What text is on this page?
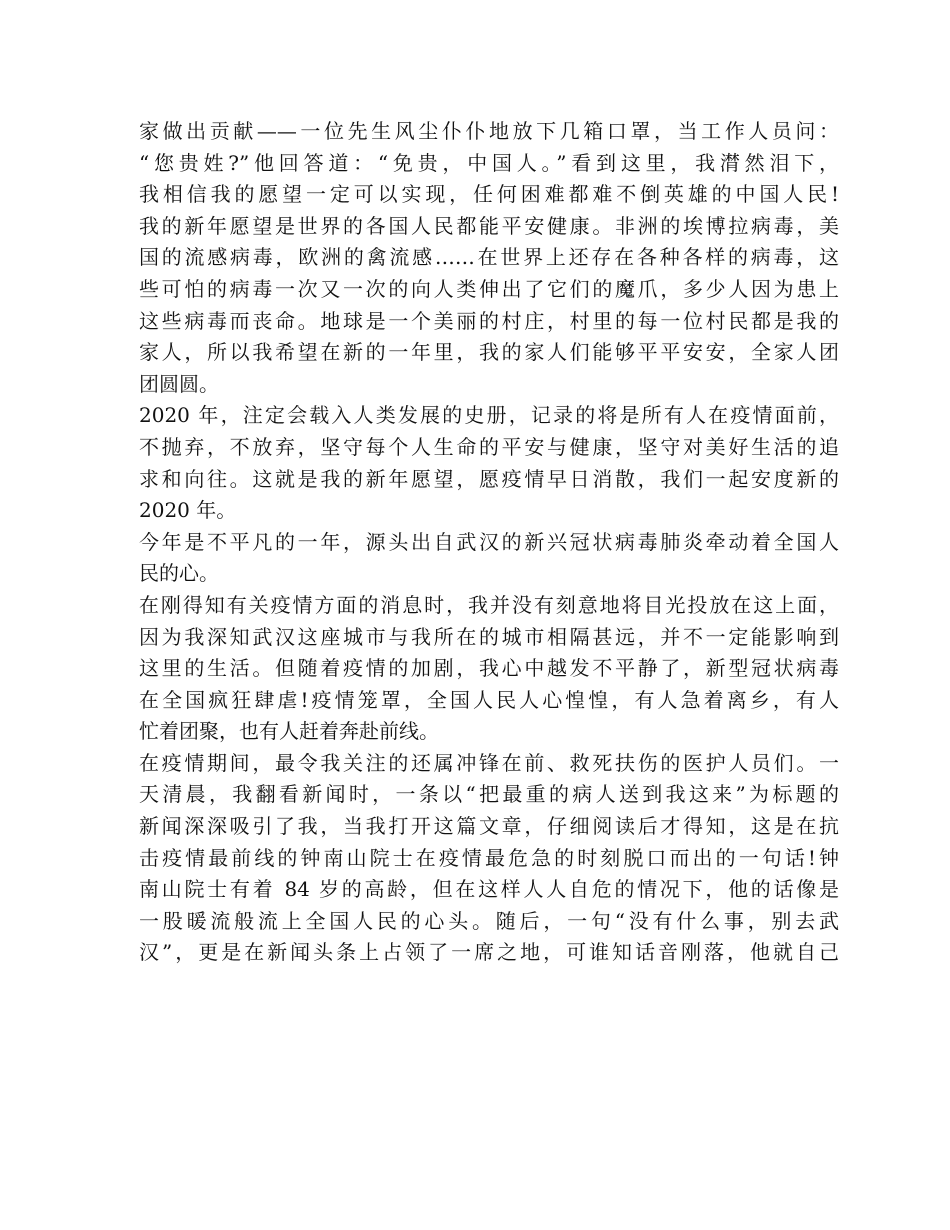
家做出贡献——一位先生风尘仆仆地放下几箱口罩，当工作人员问：
“您贵姓?”他回答道：“免贵，中国人。”看到这里，我潸然泪下，
我相信我的愿望一定可以实现，任何困难都难不倒英雄的中国人民!
我的新年愿望是世界的各国人民都能平安健康。非洲的埃博拉病毒，美
国的流感病毒，欧洲的禽流感……在世界上还存在各种各样的病毒，这
些可怕的病毒一次又一次的向人类伸出了它们的魔爪，多少人因为患上
这些病毒而丧命。地球是一个美丽的村庄，村里的每一位村民都是我的
家人，所以我希望在新的一年里，我的家人们能够平平安安，全家人团
团圆圆。
2020 年，注定会载入人类发展的史册，记录的将是所有人在疫情面前，
不抛弃，不放弃，坚守每个人生命的平安与健康，坚守对美好生活的追
求和向往。这就是我的新年愿望，愿疫情早日消散，我们一起安度新的
2020 年。
今年是不平凡的一年，源头出自武汉的新兴冠状病毒肺炎牵动着全国人
民的心。
在刚得知有关疫情方面的消息时，我并没有刻意地将目光投放在这上面，
因为我深知武汉这座城市与我所在的城市相隔甚远，并不一定能影响到
这里的生活。但随着疫情的加剧，我心中越发不平静了，新型冠状病毒
在全国疯狂肆虐!疫情笼罩，全国人民人心惶惶，有人急着离乡，有人
忙着团聚，也有人赶着奔赴前线。
在疫情期间，最令我关注的还属冲锋在前、救死扶伤的医护人员们。一
天清晨，我翻看新闻时，一条以“把最重的病人送到我这来”为标题的
新闻深深吸引了我，当我打开这篇文章，仔细阅读后才得知，这是在抗
击疫情最前线的钟南山院士在疫情最危急的时刻脱口而出的一句话!钟
南山院士有着 84 岁的高龄，但在这样人人自危的情况下，他的话像是
一股暖流般流上全国人民的心头。随后，一句“没有什么事，别去武
汉”，更是在新闻头条上占领了一席之地，可谁知话音刚落，他就自己
